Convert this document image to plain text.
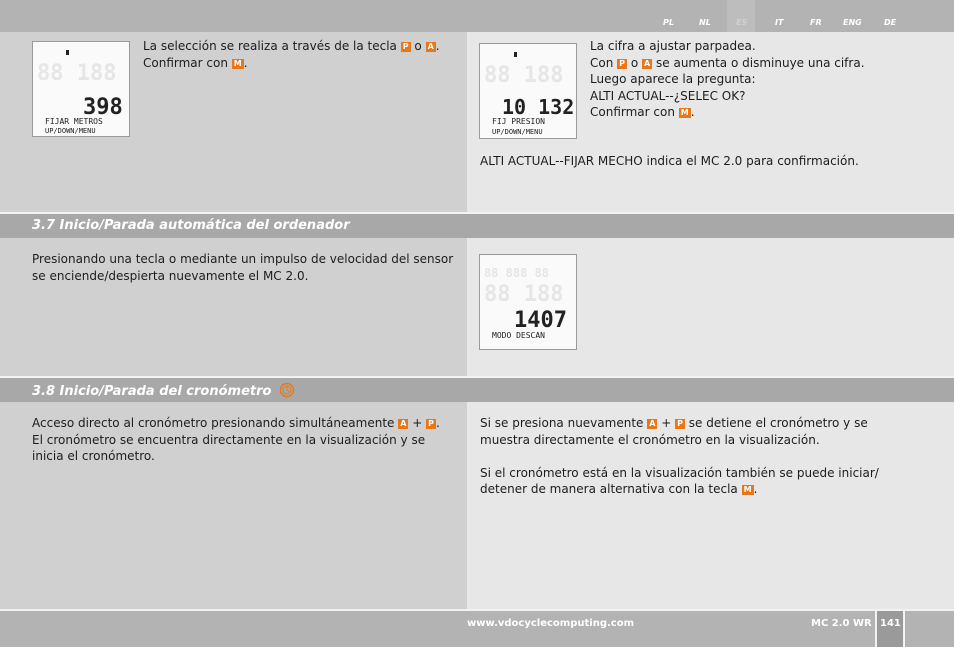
PL	NL	ES	IT	FR	ENG	DE
88 188
398
FIJAR METROS
UP/DOWN/MENU
La selección se realiza a través de la tecla P o A .
Confirmar con M .
88 188
10 132
FIJ PRESION
UP/DOWN/MENU
La cifra a ajustar parpadea.
Con P o A se aumenta o disminuye una cifra.
Luego aparece la pregunta:
ALTI ACTUAL--¿SELEC OK?
Confirmar con M .
ALTI ACTUAL--FIJAR MECHO indica el MC 2.0 para confirmación.
3.7 Inicio/Parada automática del ordenador
Presionando una tecla o mediante un impulso de velocidad del sensor
se enciende/despierta nuevamente el MC 2.0.	88 888 88
88 188
1407
MODO DESCAN
3.8 Inicio/Parada del cronómetro
Acceso directo al cronómetro presionando simultáneamente A + P .
El cronómetro se encuentra directamente en la visualización y se
inicia el cronómetro.
Si se presiona nuevamente A + P se detiene el cronómetro y se
muestra directamente el cronómetro en la visualización.
Si el cronómetro está en la visualización también se puede iniciar/
detener de manera alternativa con la tecla M .
www.vdocyclecomputing.com	MC 2.0 WR 141
